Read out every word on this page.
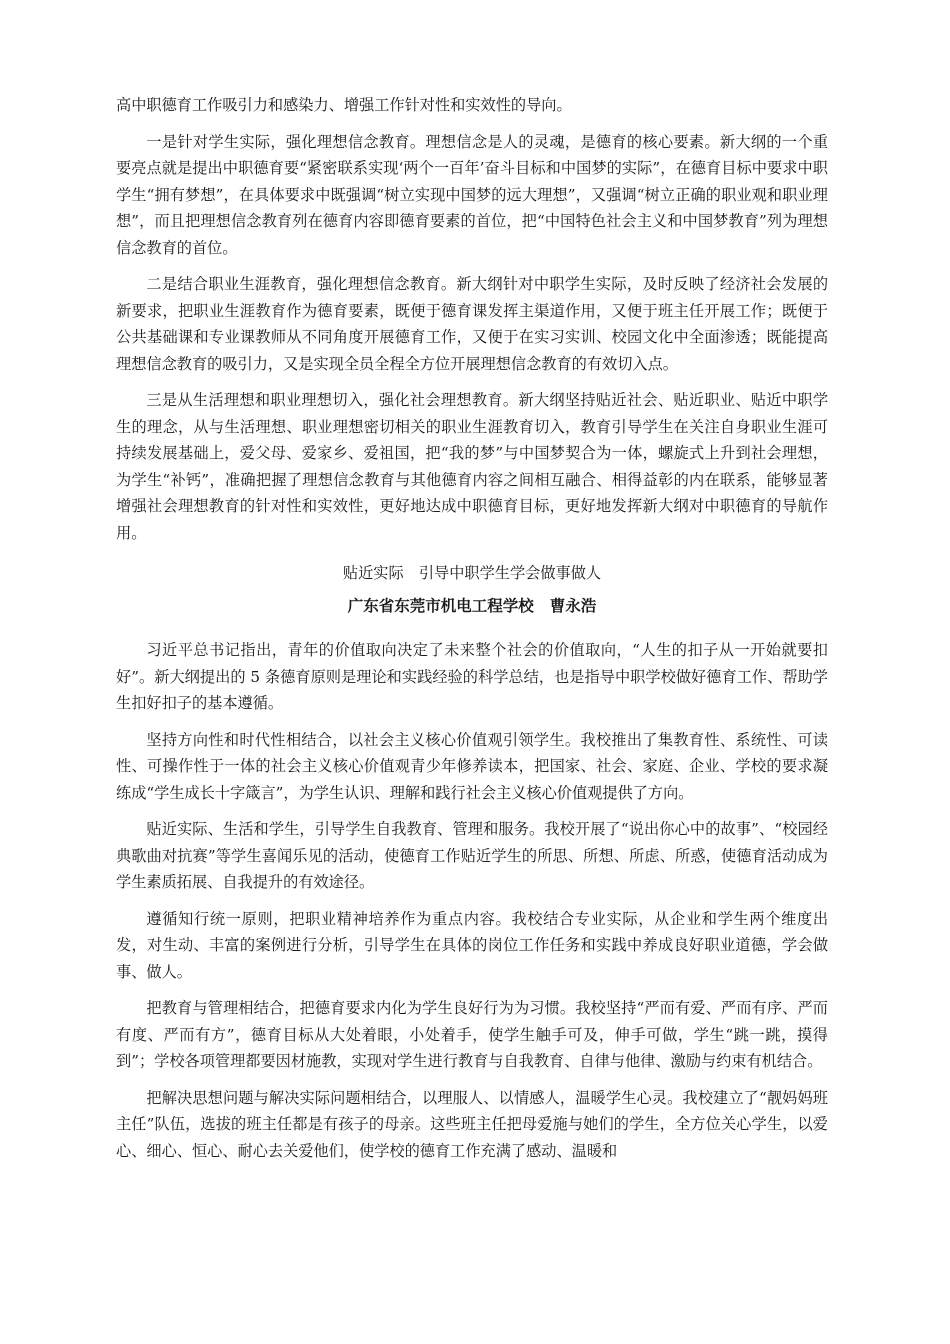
高中职德育工作吸引力和感染力、增强工作针对性和实效性的导向。

一是针对学生实际，强化理想信念教育。理想信念是人的灵魂，是德育的核心要素。新大纲的一个重要亮点就是提出中职德育要“紧密联系实现‘两个一百年’奋斗目标和中国梦的实际”，在德育目标中要求中职学生“拥有梦想”，在具体要求中既强调“树立实现中国梦的远大理想”，又强调“树立正确的职业观和职业理想”，而且把理想信念教育列在德育内容即德育要素的首位，把“中国特色社会主义和中国梦教育”列为理想信念教育的首位。

二是结合职业生涯教育，强化理想信念教育。新大纲针对中职学生实际，及时反映了经济社会发展的新要求，把职业生涯教育作为德育要素，既便于德育课发挥主渠道作用，又便于班主任开展工作；既便于公共基础课和专业课教师从不同角度开展德育工作，又便于在实习实训、校园文化中全面渗透；既能提高理想信念教育的吸引力，又是实现全员全程全方位开展理想信念教育的有效切入点。

三是从生活理想和职业理想切入，强化社会理想教育。新大纲坚持贴近社会、贴近职业、贴近中职学生的理念，从与生活理想、职业理想密切相关的职业生涯教育切入，教育引导学生在关注自身职业生涯可持续发展基础上，爱父母、爱家乡、爱祖国，把“我的梦”与中国梦契合为一体，螺旋式上升到社会理想，为学生“补钙”，准确把握了理想信念教育与其他德育内容之间相互融合、相得益彰的内在联系，能够显著增强社会理想教育的针对性和实效性，更好地达成中职德育目标，更好地发挥新大纲对中职德育的导航作用。

贴近实际　引导中职学生学会做事做人
广东省东莞市机电工程学校 曹永浩

习近平总书记指出，青年的价值取向决定了未来整个社会的价值取向，“人生的扣子从一开始就要扣好”。新大纲提出的 5 条德育原则是理论和实践经验的科学总结，也是指导中职学校做好德育工作、帮助学生扣好扣子的基本遵循。

坚持方向性和时代性相结合，以社会主义核心价值观引领学生。我校推出了集教育性、系统性、可读性、可操作性于一体的社会主义核心价值观青少年修养读本，把国家、社会、家庭、企业、学校的要求凝练成“学生成长十字箴言”，为学生认识、理解和践行社会主义核心价值观提供了方向。

贴近实际、生活和学生，引导学生自我教育、管理和服务。我校开展了“说出你心中的故事”、“校园经典歌曲对抗赛”等学生喜闻乐见的活动，使德育工作贴近学生的所思、所想、所虑、所惑，使德育活动成为学生素质拓展、自我提升的有效途径。

遵循知行统一原则，把职业精神培养作为重点内容。我校结合专业实际，从企业和学生两个维度出发，对生动、丰富的案例进行分析，引导学生在具体的岗位工作任务和实践中养成良好职业道德，学会做事、做人。

把教育与管理相结合，把德育要求内化为学生良好行为为习惯。我校坚持“严而有爱、严而有序、严而有度、严而有方”，德育目标从大处着眼，小处着手，使学生触手可及，伸手可做，学生“跳一跳，摸得到”；学校各项管理都要因材施教，实现对学生进行教育与自我教育、自律与他律、激励与约束有机结合。

把解决思想问题与解决实际问题相结合，以理服人、以情感人，温暖学生心灵。我校建立了“靓妈妈班主任”队伍，选拔的班主任都是有孩子的母亲。这些班主任把母爱施与她们的学生，全方位关心学生，以爱心、细心、恒心、耐心去关爱他们，使学校的德育工作充满了感动、温暖和
